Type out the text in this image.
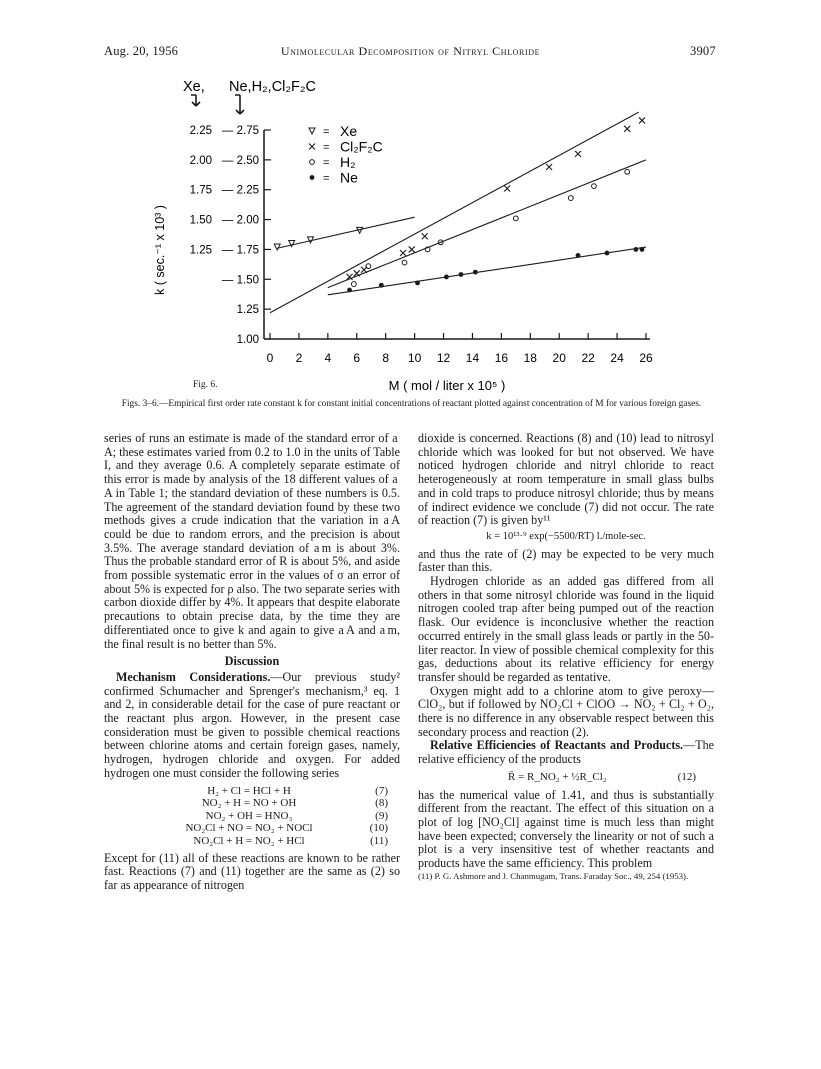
Aug. 20, 1956	Unimolecular Decomposition of Nitryl Chloride	3907
Xe, Ne,H₂,Cl₂F₂C
k ( sec.⁻¹ x 10³ )
M ( mol / liter x 10⁵ )
0 2 4 6 8 10 12 14 16 18 20 22 24 26
1.00
1.25
— 1.50
— 1.75
— 2.00
— 2.25
— 2.50
— 2.75
2.25
2.00
1.75
1.50
1.25
= Xe
= Cl₂F₂C
= H₂
= Ne
Fig. 6.
Figs. 3–6.—Empirical first order rate constant k for constant initial concentrations of reactant plotted against concentration of M for various foreign gases.

series of runs an estimate is made of the standard error of a A; these estimates varied from 0.2 to 1.0 in the units of Table I, and they average 0.6. A completely separate estimate of this error is made by analysis of the 18 different values of a A in Table 1; the standard deviation of these numbers is 0.5. The agreement of the standard deviation found by these two methods gives a crude indication that the variation in a A could be due to random errors, and the precision is about 3.5%. The average standard deviation of a m is about 3%. Thus the probable standard error of R is about 5%, and aside from possible systematic error in the values of σ an error of about 5% is expected for ρ also. The two separate series with carbon dioxide differ by 4%. It appears that despite elaborate precautions to obtain precise data, by the time they are differentiated once to give k and again to give a A and a m, the final result is no better than 5%.

Discussion

Mechanism Considerations.—Our previous study² confirmed Schumacher and Sprenger's mechanism,³ eq. 1 and 2, in considerable detail for the case of pure reactant or the reactant plus argon. However, in the present case consideration must be given to possible chemical reactions between chlorine atoms and certain foreign gases, namely, hydrogen, hydrogen chloride and oxygen. For added hydrogen one must consider the following series

H₂ + Cl = HCl + H	(7)
NO₂ + H = NO + OH	(8)
NO₂ + OH = HNO₃	(9)
NO₂Cl + NO = NO₂ + NOCl	(10)
NO₂Cl + H = NO₂ + HCl	(11)

Except for (11) all of these reactions are known to be rather fast. Reactions (7) and (11) together are the same as (2) so far as appearance of nitrogen

dioxide is concerned. Reactions (8) and (10) lead to nitrosyl chloride which was looked for but not observed. We have noticed hydrogen chloride and nitryl chloride to react heterogeneously at room temperature in small glass bulbs and in cold traps to produce nitrosyl chloride; thus by means of indirect evidence we conclude (7) did not occur. The rate of reaction (7) is given by¹¹

k = 10¹³·⁹ exp(−5500/RT) l./mole-sec.

and thus the rate of (2) may be expected to be very much faster than this.

Hydrogen chloride as an added gas differed from all others in that some nitrosyl chloride was found in the liquid nitrogen cooled trap after being pumped out of the reaction flask. Our evidence is inconclusive whether the reaction occurred entirely in the small glass leads or partly in the 50-liter reactor. In view of possible chemical complexity for this gas, deductions about its relative efficiency for energy transfer should be regarded as tentative.

Oxygen might add to a chlorine atom to give peroxy—ClO₂, but if followed by NO₂Cl + ClOO → NO₂ + Cl₂ + O₂, there is no difference in any observable respect between this secondary process and reaction (2).

Relative Efficiencies of Reactants and Products.—The relative efficiency of the products

R̄ = R_NO₂ + ½R_Cl₂	(12)

has the numerical value of 1.41, and thus is substantially different from the reactant. The effect of this situation on a plot of log [NO₂Cl] against time is much less than might have been expected; conversely the linearity or not of such a plot is a very insensitive test of whether reactants and products have the same efficiency. This problem

(11) P. G. Ashmore and J. Chanmugam, Trans. Faraday Soc., 49, 254 (1953).
